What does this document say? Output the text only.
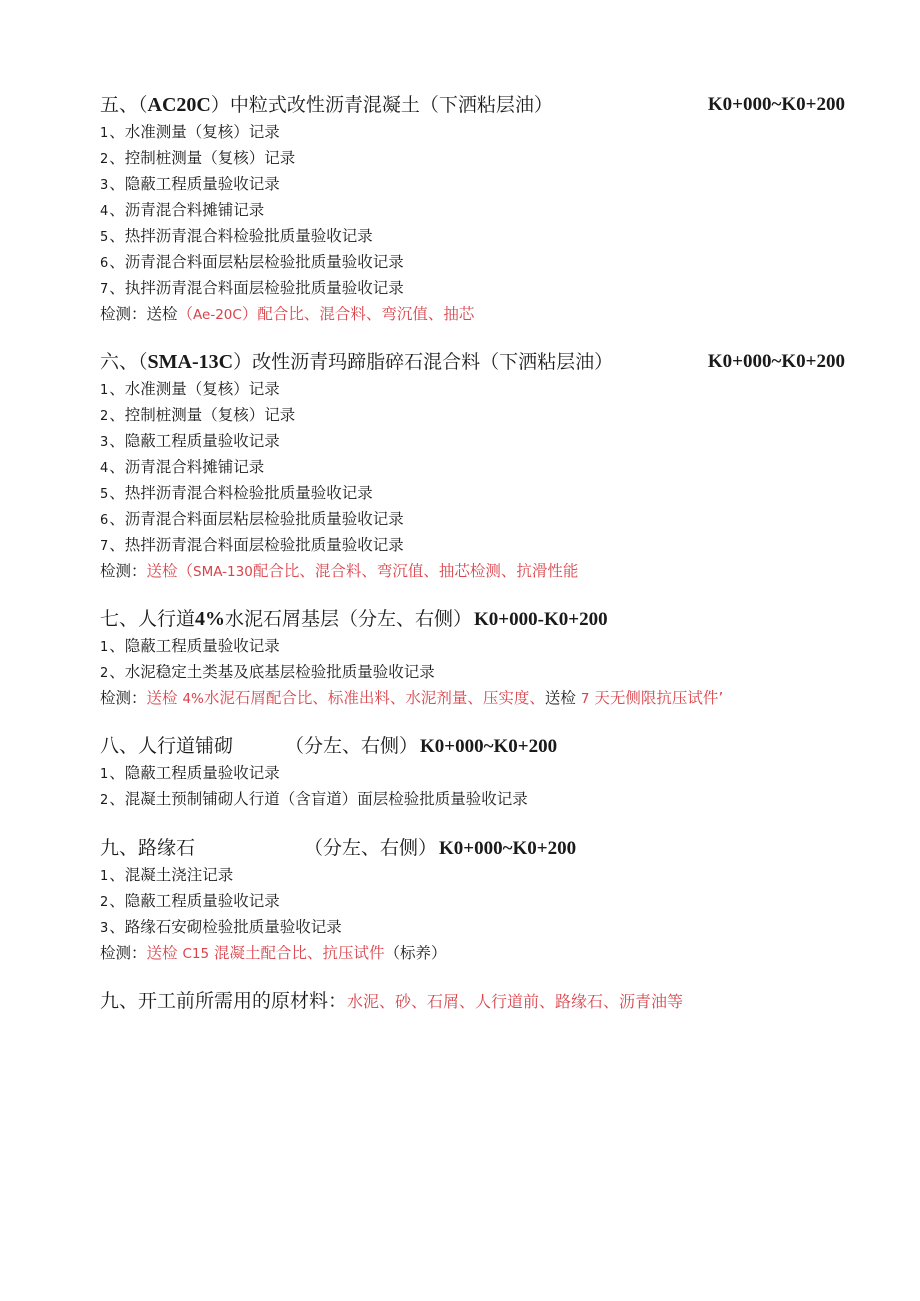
五、（AC20C）中粒式改性沥青混凝土（下洒粘层油）	K0+000~K0+200
1、水准测量（复核）记录
2、控制桩测量（复核）记录
3、隐蔽工程质量验收记录
4、沥青混合料摊铺记录
5、热拌沥青混合料检验批质量验收记录
6、沥青混合料面层粘层检验批质量验收记录
7、执拌沥青混合料面层检验批质量验收记录
检测：送检（Ae-20C）配合比、混合料、弯沉值、抽芯
六、（SMA-13C）改性沥青玛蹄脂碎石混合料（下洒粘层油）	K0+000~K0+200
1、水准测量（复核）记录
2、控制桩测量（复核）记录
3、隐蔽工程质量验收记录
4、沥青混合料摊铺记录
5、热拌沥青混合料检验批质量验收记录
6、沥青混合料面层粘层检验批质量验收记录
7、热拌沥青混合料面层检验批质量验收记录
检测：送检（SMA-130配合比、混合料、弯沉值、抽芯检测、抗滑性能
七、人行道4%水泥石屑基层（分左、右侧） K0+000-K0+200
1、隐蔽工程质量验收记录
2、水泥稳定土类基及底基层检验批质量验收记录
检测：送检 4%水泥石屑配合比、标准出料、水泥剂量、压实度、送检 7 天无侧限抗压试件’
八、人行道铺砌	（分左、右侧） K0+000~K0+200
1、隐蔽工程质量验收记录
2、混凝土预制铺砌人行道（含盲道）面层检验批质量验收记录
九、路缘石	（分左、右侧） K0+000~K0+200
1、混凝土浇注记录
2、隐蔽工程质量验收记录
3、路缘石安砌检验批质量验收记录
检测：送检 C15 混凝土配合比、抗压试件（标养）
九、开工前所需用的原材料：水泥、砂、石屑、人行道前、路缘石、沥青油等
